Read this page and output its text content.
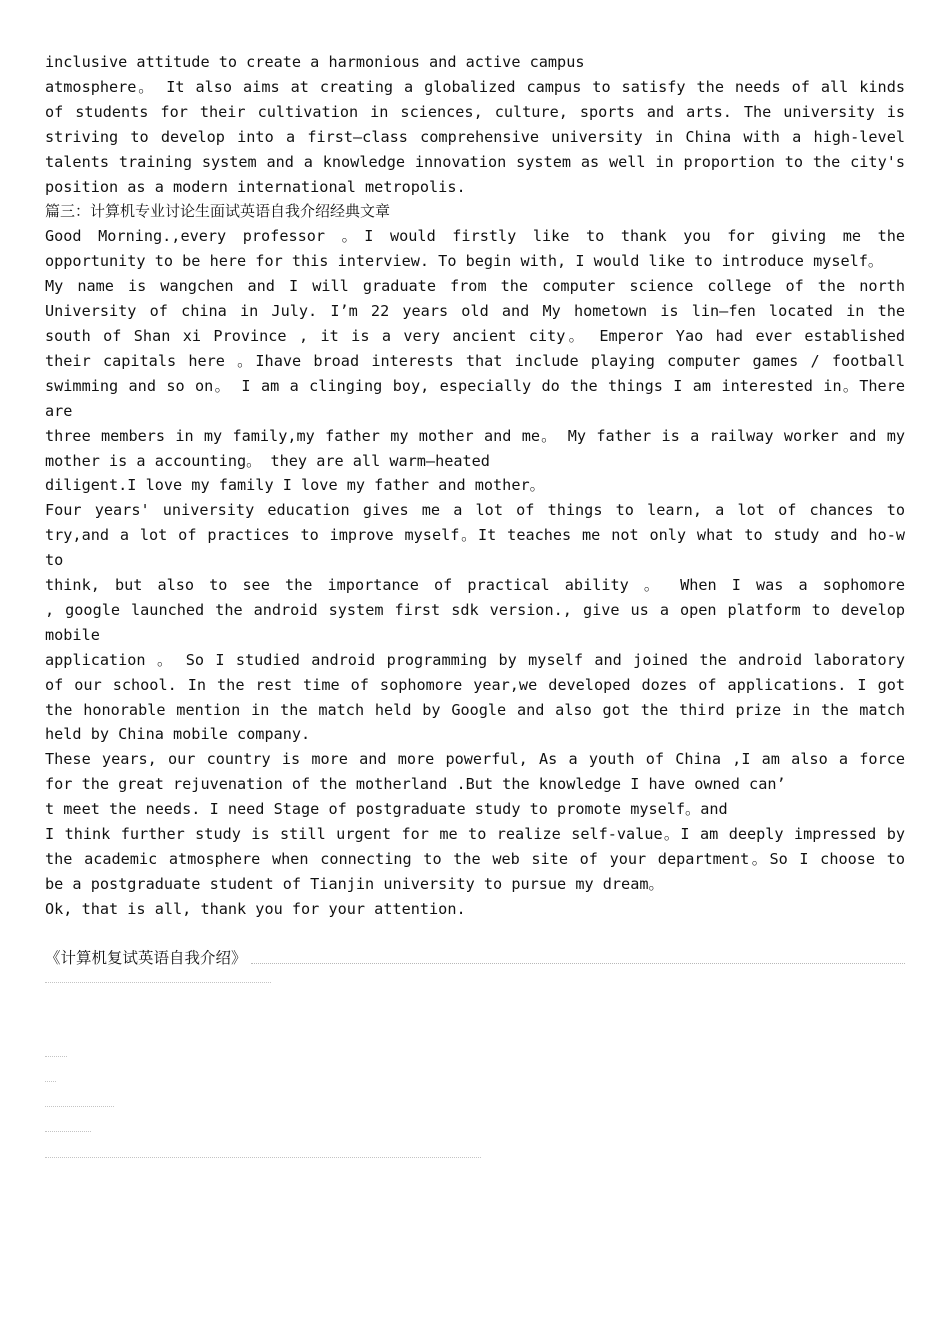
inclusive attitude to create a harmonious and active campus
atmosphere。 It also aims at creating a globalized campus to satisfy the needs of all kinds
of students for their cultivation in sciences, culture, sports and arts. The university is
striving to develop into a first—class comprehensive university in China with a high-level
talents training system and a knowledge innovation system as well in proportion to the city's
position as a modern international metropolis.
篇三：计算机专业讨论生面试英语自我介绍经典文章
Good Morning.,every professor 。I would firstly like to thank you for giving me the
opportunity to be here for this interview. To begin with, I would like to introduce myself。
My name is wangchen and I will graduate from the computer science college of the north
University of china in July. I’m 22 years old and My hometown is lin—fen located in the
south of Shan xi Province , it is a very ancient city。 Emperor Yao had ever established
their capitals here 。Ihave broad interests that include playing computer games / football
swimming and so on。 I am a clinging boy, especially do the things I am interested in。There
are
three members in my family,my father my mother and me。 My father is a railway worker and my
mother is a accounting。 they are all warm—heated
diligent.I love my family I love my father and mother。
Four years' university education gives me a lot of things to learn, a lot of chances to
try,and a lot of practices to improve myself。It teaches me not only what to study and ho-w
to
think, but also to see the importance of practical ability 。 When I was a sophomore
, google launched the android system first sdk version., give us a open platform to develop
mobile
application 。 So I studied android programming by myself and joined the android laboratory
of our school. In the rest time of sophomore year,we developed dozes of applications. I got
the honorable mention in the match held by Google and also got the third prize in the match
held by China mobile company.
These years, our country is more and more powerful, As a youth of China ,I am also a force
for the great rejuvenation of the motherland .But the knowledge I have owned can’
t meet the needs. I need Stage of postgraduate study to promote myself。and
I think further study is still urgent for me to realize self-value。I am deeply impressed by
the academic atmosphere when connecting to the web site of your department。So I choose to
be a postgraduate student of Tianjin university to pursue my dream。
Ok, that is all, thank you for your attention.
《计算机复试英语自我介绍》
